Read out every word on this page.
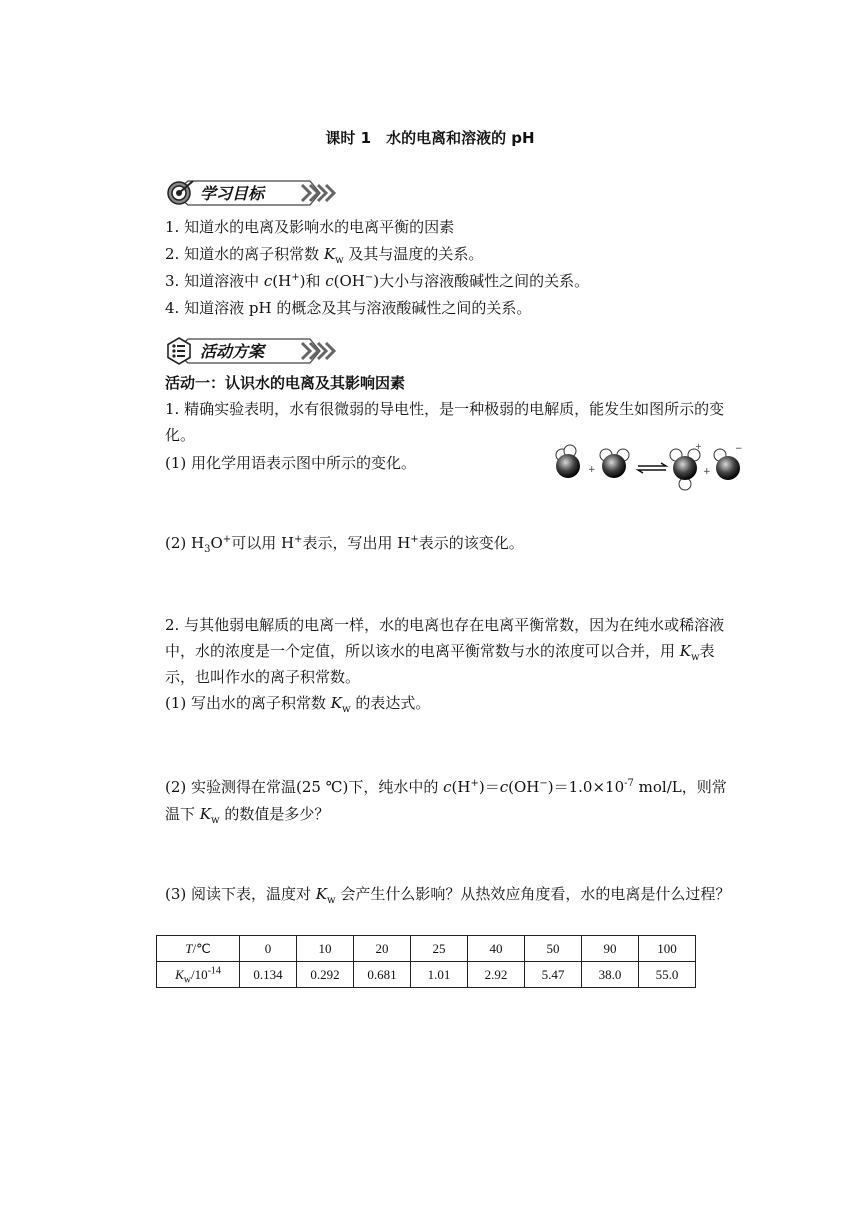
课时 1　水的电离和溶液的 pH
学习目标
1. 知道水的电离及影响水的电离平衡的因素
2. 知道水的离子积常数 $K_w$ 及其与温度的关系。
3. 知道溶液中 c(H+)和 c(OH−)大小与溶液酸碱性之间的关系。
4. 知道溶液 pH 的概念及其与溶液酸碱性之间的关系。
活动方案
活动一：认识水的电离及其影响因素
1. 精确实验表明，水有很微弱的导电性，是一种极弱的电解质，能发生如图所示的变化。
(1) 用化学用语表示图中所示的变化。	+
+
+
−
(2) $H_3O^+$可以用 H+表示，写出用 H+表示的该变化。
2. 与其他弱电解质的电离一样，水的电离也存在电离平衡常数，因为在纯水或稀溶液中，水的浓度是一个定值，所以该水的电离平衡常数与水的浓度可以合并，用 $K_w$表示，也叫作水的离子积常数。
(1) 写出水的离子积常数 $K_w$ 的表达式。
(2) 实验测得在常温(25 ℃)下，纯水中的 $c(H^+)=c(OH^-)=1.0\times 10^{-7}$ mol/L，则常温下 $K_w$ 的数值是多少？
(3) 阅读下表，温度对 $K_w$ 会产生什么影响？从热效应角度看，水的电离是什么过程？
T/℃	0	10	20	25	40	50	90	100
$K_w/10^{-14}$	0.134	0.292	0.681	1.01	2.92	5.47	38.0	55.0
